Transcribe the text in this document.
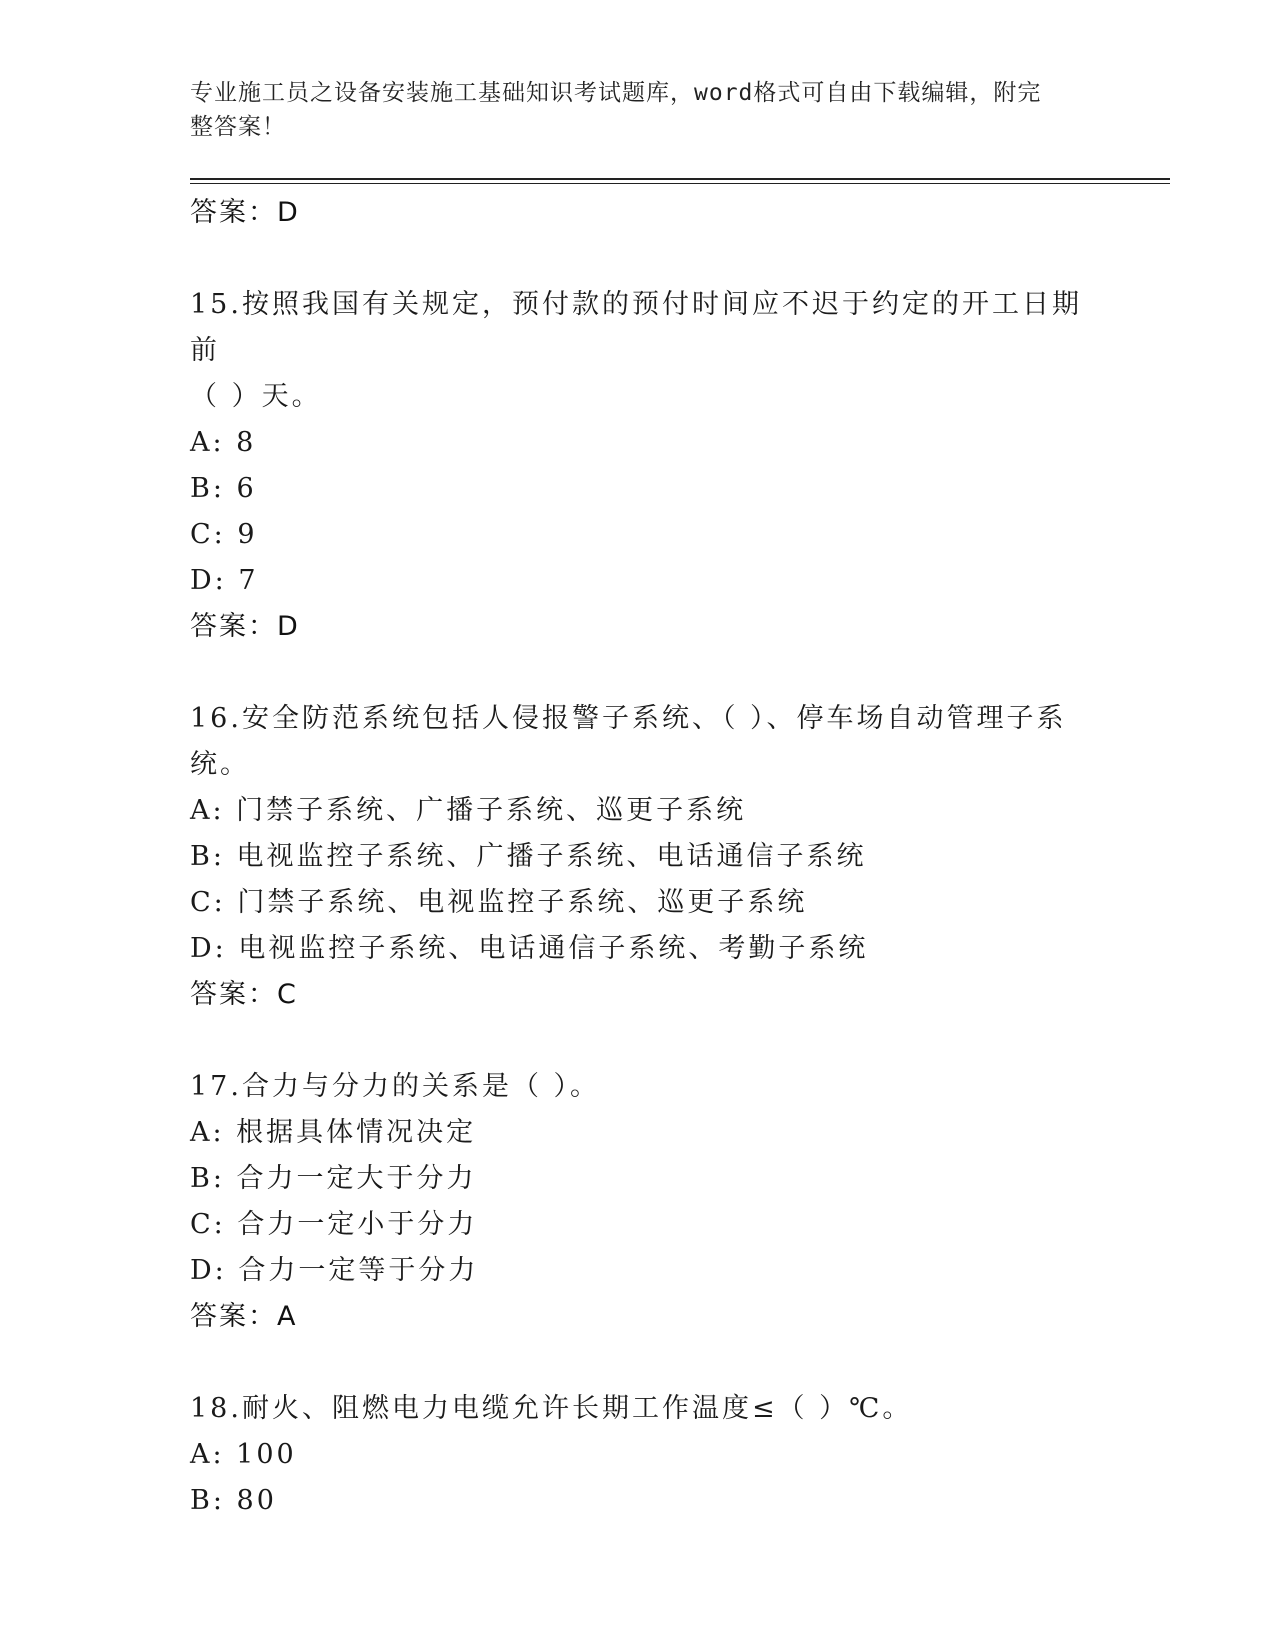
专业施工员之设备安装施工基础知识考试题库，word格式可自由下载编辑，附完
整答案！
答案：D
15.按照我国有关规定，预付款的预付时间应不迟于约定的开工日期前
（ ）天。
A: 8
B: 6
C: 9
D: 7
答案：D
16.安全防范系统包括人侵报警子系统、（ ）、停车场自动管理子系
统。
A: 门禁子系统、广播子系统、巡更子系统
B: 电视监控子系统、广播子系统、电话通信子系统
C: 门禁子系统、电视监控子系统、巡更子系统
D: 电视监控子系统、电话通信子系统、考勤子系统
答案：C
17.合力与分力的关系是（ ）。
A: 根据具体情况决定
B: 合力一定大于分力
C: 合力一定小于分力
D: 合力一定等于分力
答案：A
18.耐火、阻燃电力电缆允许长期工作温度≤（ ）℃。
A: 100
B: 80
